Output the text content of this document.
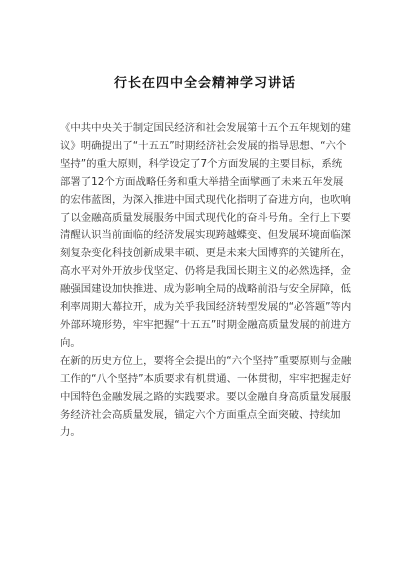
行长在四中全会精神学习讲话

《中共中央关于制定国民经济和社会发展第十五个五年规划的建议》明确提出了“十五五”时期经济社会发展的指导思想、“六个坚持”的重大原则，科学设定了7个方面发展的主要目标，系统部署了12个方面战略任务和重大举措全面擘画了未来五年发展的宏伟蓝图，为深入推进中国式现代化指明了奋进方向，也吹响了以金融高质量发展服务中国式现代化的奋斗号角。全行上下要清醒认识当前面临的经济发展实现跨越蝶变、但发展环境面临深刻复杂变化科技创新成果丰硕、更是未来大国博弈的关键所在，高水平对外开放步伐坚定、仍将是我国长期主义的必然选择，金融强国建设加快推进、成为影响全局的战略前沿与安全屏障，低利率周期大幕拉开，成为关乎我国经济转型发展的“必答题”等内外部环境形势，牢牢把握“十五五”时期金融高质量发展的前进方向。

在新的历史方位上，要将全会提出的“六个坚持”重要原则与金融工作的“八个坚持”本质要求有机贯通、一体贯彻，牢牢把握走好中国特色金融发展之路的实践要求。要以金融自身高质量发展服务经济社会高质量发展，锚定六个方面重点全面突破、持续加力。
